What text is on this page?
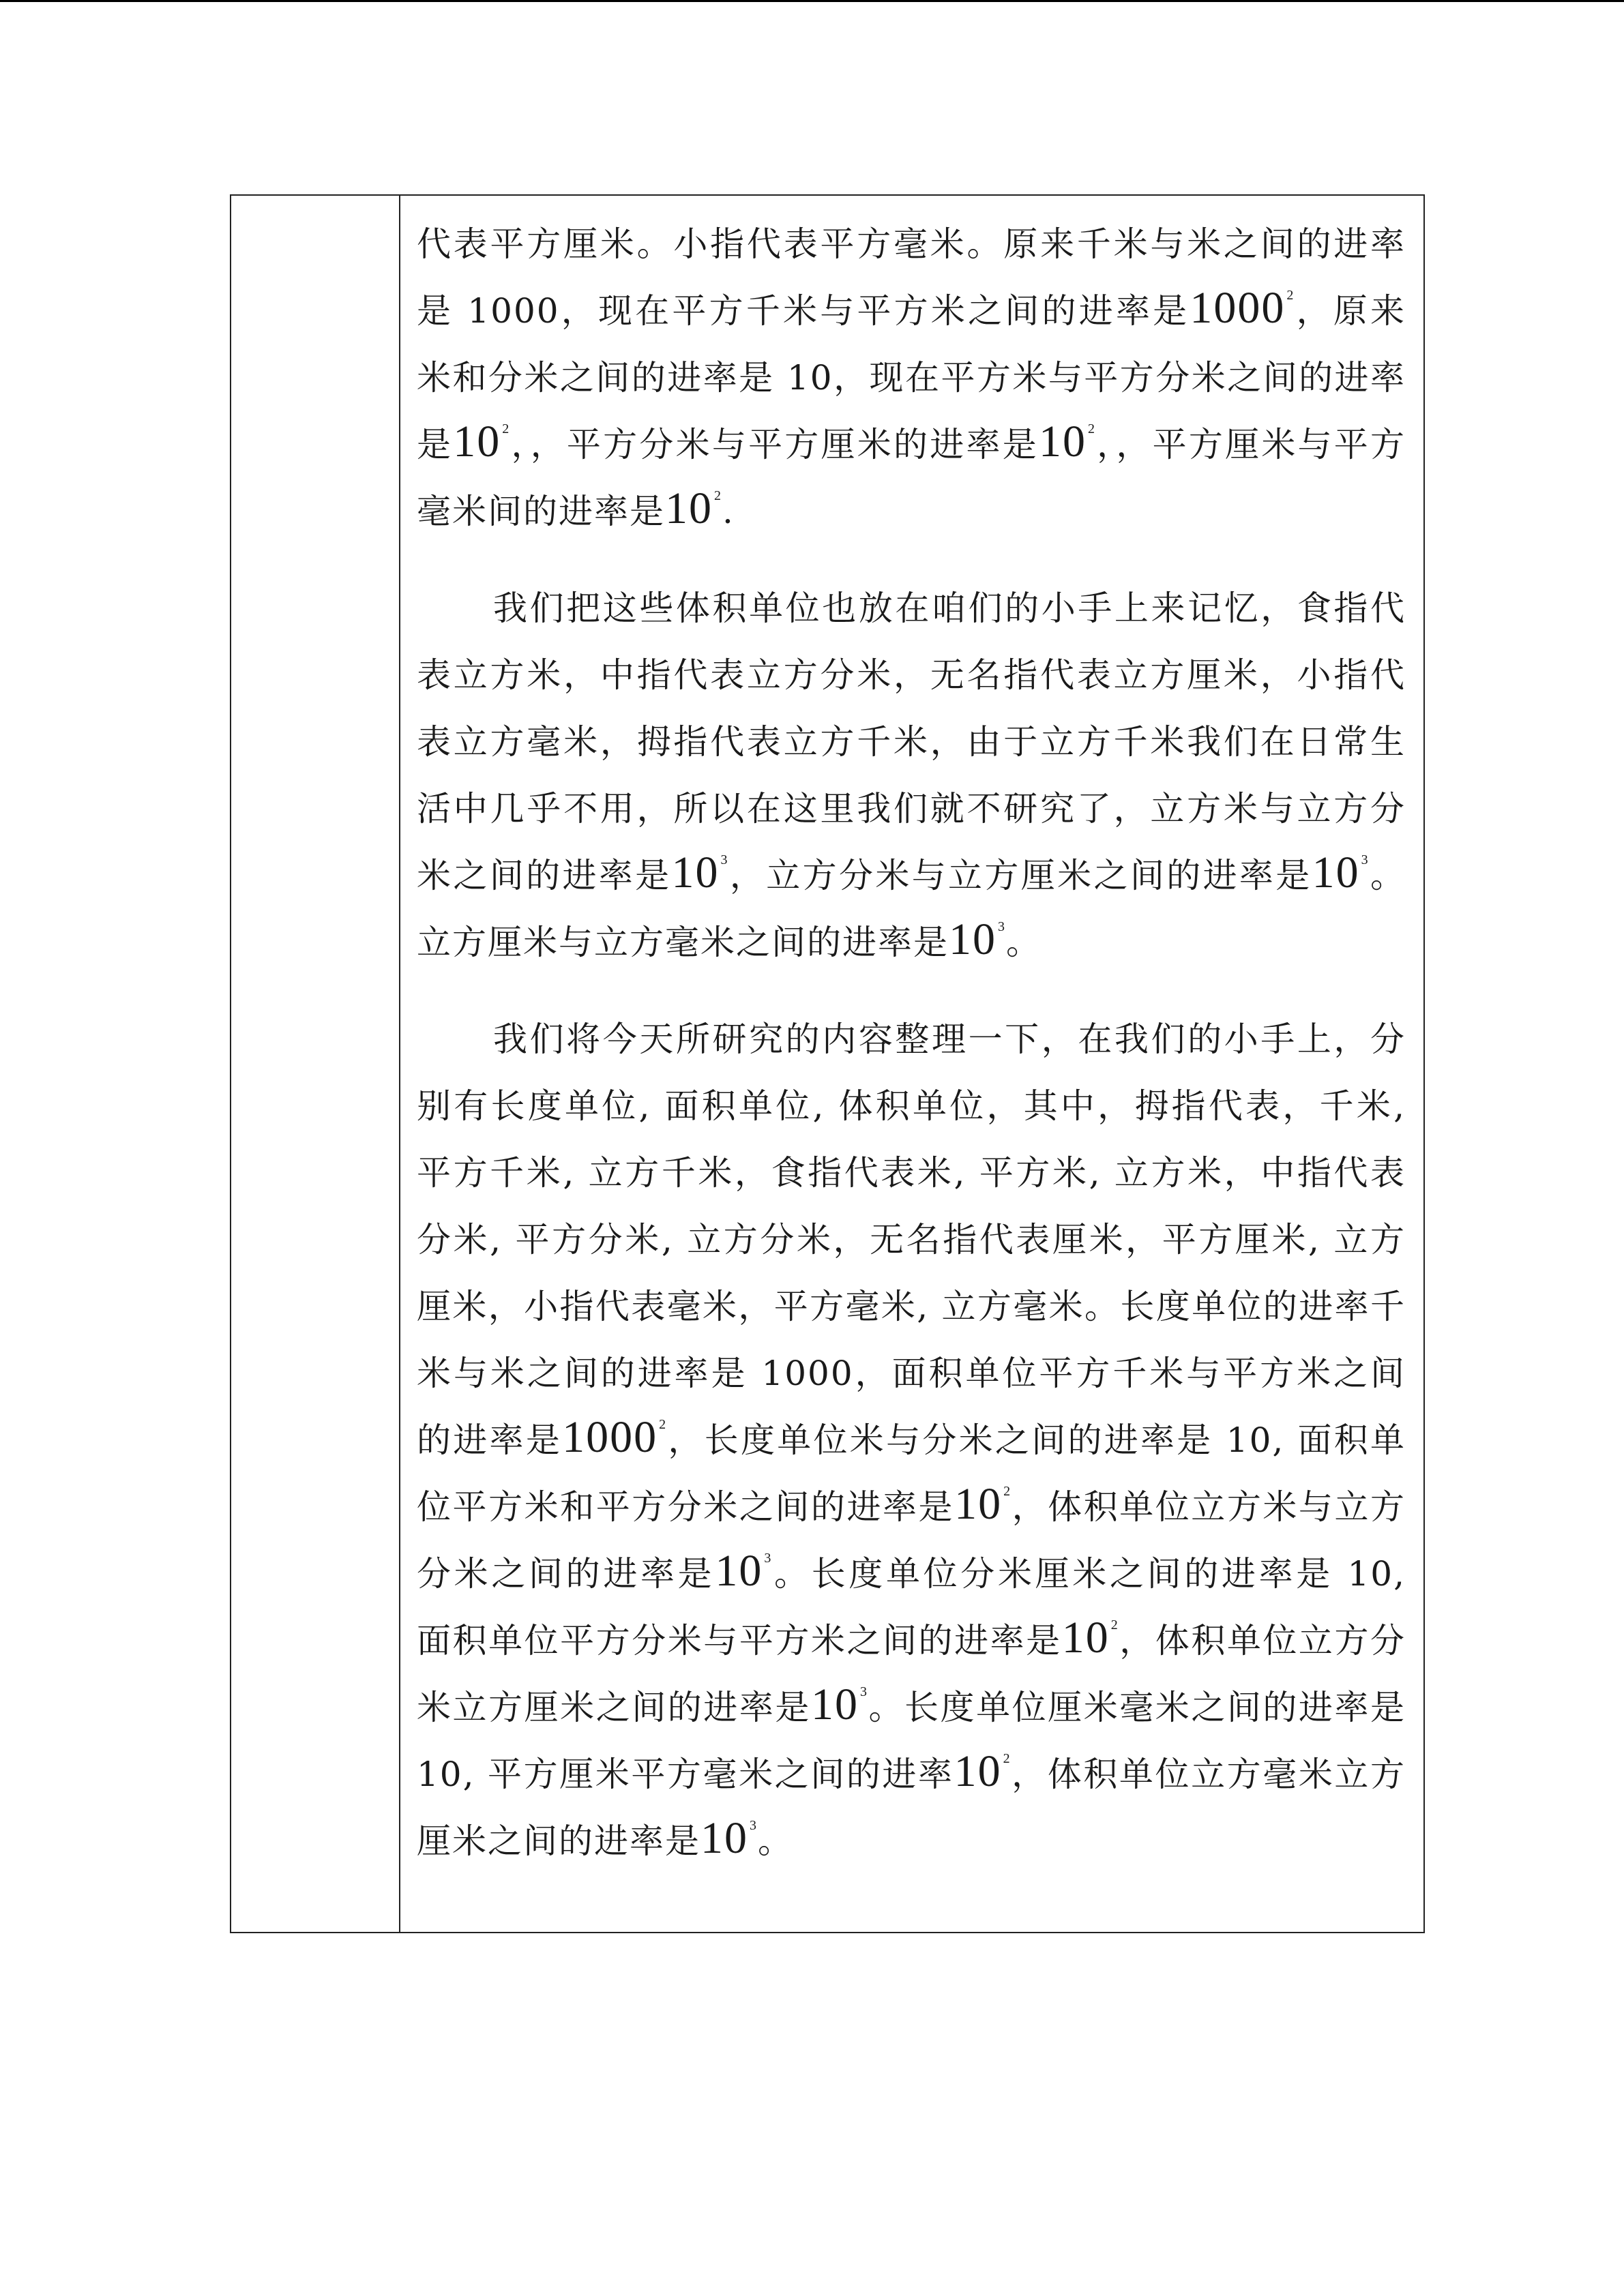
代表平方厘米。小指代表平方毫米。原来千米与米之间的进率是 1000，现在平方千米与平方米之间的进率是1000 $^2$，原来米和分米之间的进率是 10，现在平方米与平方分米之间的进率是10 $^2$，，平方分米与平方厘米的进率是10 $^2$，，平方厘米与平方毫米间的进率是10 $^2$.

我们把这些体积单位也放在咱们的小手上来记忆，食指代表立方米，中指代表立方分米，无名指代表立方厘米，小指代表立方毫米，拇指代表立方千米，由于立方千米我们在日常生活中几乎不用，所以在这里我们就不研究了，立方米与立方分米之间的进率是10 $^3$，立方分米与立方厘米之间的进率是10 $^3$。立方厘米与立方毫米之间的进率是10 $^3$。

我们将今天所研究的内容整理一下，在我们的小手上，分别有长度单位, 面积单位, 体积单位，其中，拇指代表，千米, 平方千米, 立方千米，食指代表米, 平方米, 立方米，中指代表分米, 平方分米, 立方分米，无名指代表厘米，平方厘米, 立方厘米，小指代表毫米，平方毫米, 立方毫米。长度单位的进率千米与米之间的进率是 1000，面积单位平方千米与平方米之间的进率是1000 $^2$，长度单位米与分米之间的进率是 10, 面积单位平方米和平方分米之间的进率是10 $^2$，体积单位立方米与立方分米之间的进率是10 $^3$。长度单位分米厘米之间的进率是 10, 面积单位平方分米与平方米之间的进率是10 $^2$，体积单位立方分米立方厘米之间的进率是10 $^3$。长度单位厘米毫米之间的进率是 10, 平方厘米平方毫米之间的进率10 $^2$，体积单位立方毫米立方厘米之间的进率是10 $^3$。
